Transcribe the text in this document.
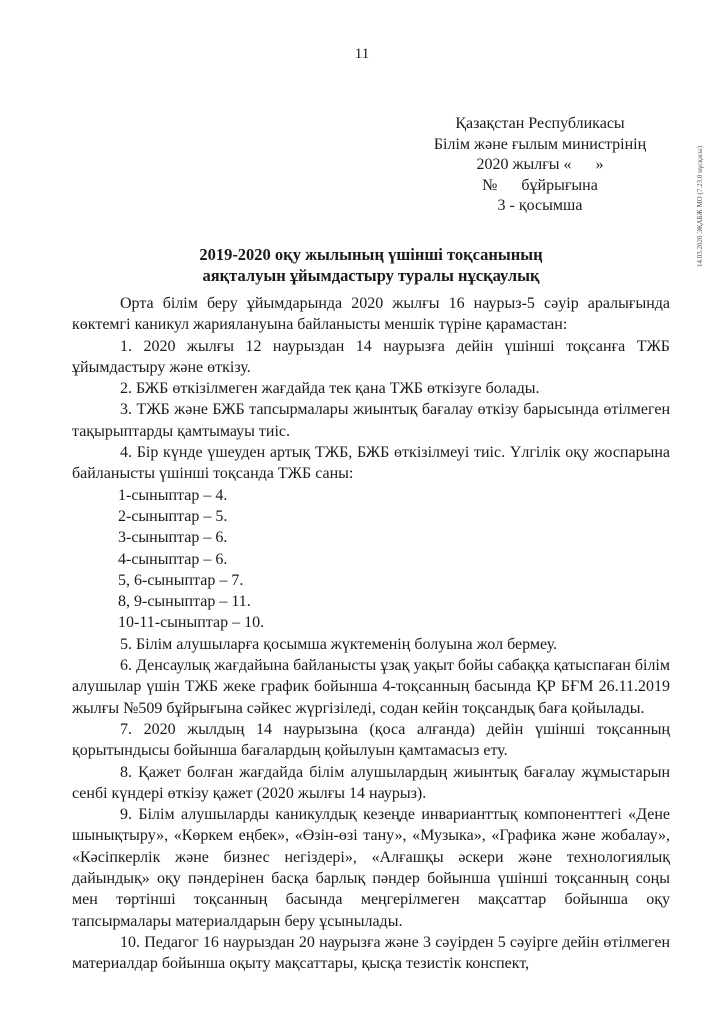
11
Қазақстан Республикасы
Білім және ғылым министрінің
2020 жылғы «      »
№      бұйрығына
3 - қосымша	14.03.2020 ЭҚАБЖ МО (7.23.0 нұсқасы)
2019-2020 оқу жылының үшінші тоқсанының
аяқталуын ұйымдастыру туралы нұсқаулық

Орта білім беру ұйымдарында 2020 жылғы 16 наурыз-5 сәуір аралығында көктемгі каникул жариялануына байланысты меншік түріне қарамастан:

1. 2020 жылғы 12 наурыздан 14 наурызға дейін үшінші тоқсанға ТЖБ ұйымдастыру және өткізу.

2. БЖБ өткізілмеген жағдайда тек қана ТЖБ өткізуге болады.

3. ТЖБ және БЖБ тапсырмалары жиынтық бағалау өткізу барысында өтілмеген тақырыптарды қамтымауы тиіс.

4. Бір күнде үшеуден артық ТЖБ, БЖБ өткізілмеуі тиіс. Үлгілік оқу жоспарына байланысты үшінші тоқсанда ТЖБ саны:

1-сыныптар – 4.

2-сыныптар – 5.

3-сыныптар – 6.

4-сыныптар – 6.

5, 6-сыныптар – 7.

8, 9-сыныптар – 11.

10-11-сыныптар – 10.

5. Білім алушыларға қосымша жүктеменің болуына жол бермеу.

6. Денсаулық жағдайына байланысты ұзақ уақыт бойы сабаққа қатыспаған білім алушылар үшін ТЖБ жеке график бойынша 4-тоқсанның басында ҚР БҒМ 26.11.2019 жылғы №509 бұйрығына сәйкес жүргізіледі, содан кейін тоқсандық баға қойылады.

7. 2020 жылдың 14 наурызына (қоса алғанда) дейін үшінші тоқсанның қорытындысы бойынша бағалардың қойылуын қамтамасыз ету.

8. Қажет болған жағдайда білім алушылардың жиынтық бағалау жұмыстарын сенбі күндері өткізу қажет (2020 жылғы 14 наурыз).

9. Білім алушыларды каникулдық кезеңде инварианттық компоненттегі «Дене шынықтыру», «Көркем еңбек», «Өзін-өзі тану», «Музыка», «Графика және жобалау», «Кәсіпкерлік және бизнес негіздері», «Алғашқы әскери және технологиялық дайындық» оқу пәндерінен басқа барлық пәндер бойынша үшінші тоқсанның соңы мен төртінші тоқсанның басында меңгерілмеген мақсаттар бойынша оқу тапсырмалары материалдарын беру ұсынылады.

10. Педагог 16 наурыздан 20 наурызға және 3 сәуірден 5 сәуірге дейін өтілмеген материалдар бойынша оқыту мақсаттары, қысқа тезистік конспект,
